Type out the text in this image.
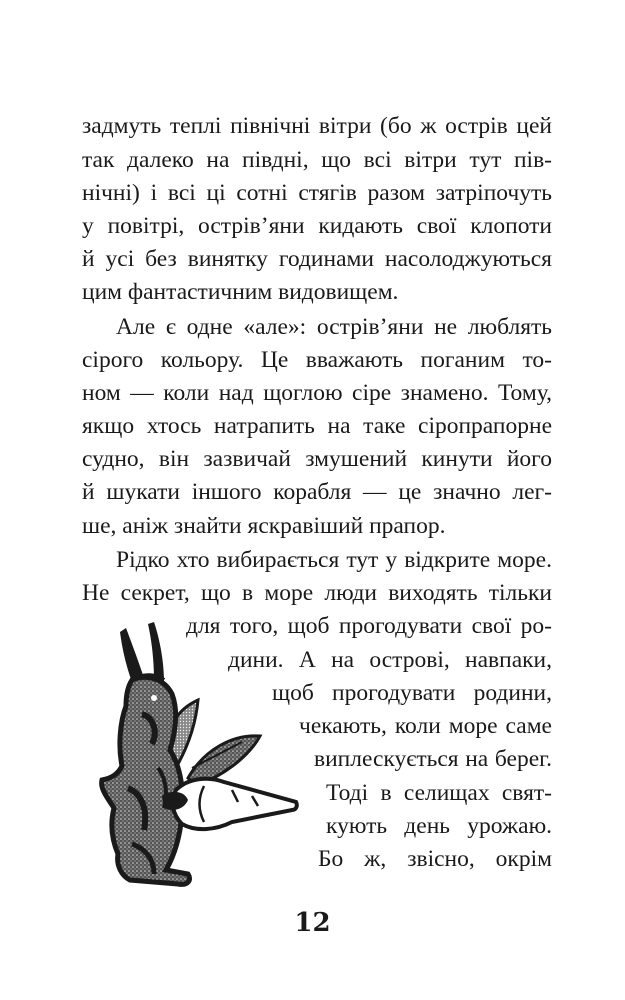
задмуть теплі північні вітри (бо ж острів цей
так далеко на півдні, що всі вітри тут пів-
нічні) і всі ці сотні стягів разом затріпочуть
у повітрі, острів’яни кидають свої клопоти
й усі без винятку годинами насолоджуються
цим фантастичним видовищем.
Але є одне «але»: острів’яни не люблять
сірого кольору. Це вважають поганим то-
ном — коли над щоглою сіре знамено. Тому,
якщо хтось натрапить на таке сіропрапорне
судно, він зазвичай змушений кинути його
й шукати іншого корабля — це значно лег-
ше, аніж знайти яскравіший прапор.
Рідко хто вибирається тут у відкрите море.
Не секрет, що в море люди виходять тільки
для того, щоб прогодувати свої ро-
дини. А на острові, навпаки,
щоб прогодувати родини,
чекають, коли море саме
виплескується на берег.
Тоді в селищах свят-
кують день урожаю.
Бо ж, звісно, окрім
12
